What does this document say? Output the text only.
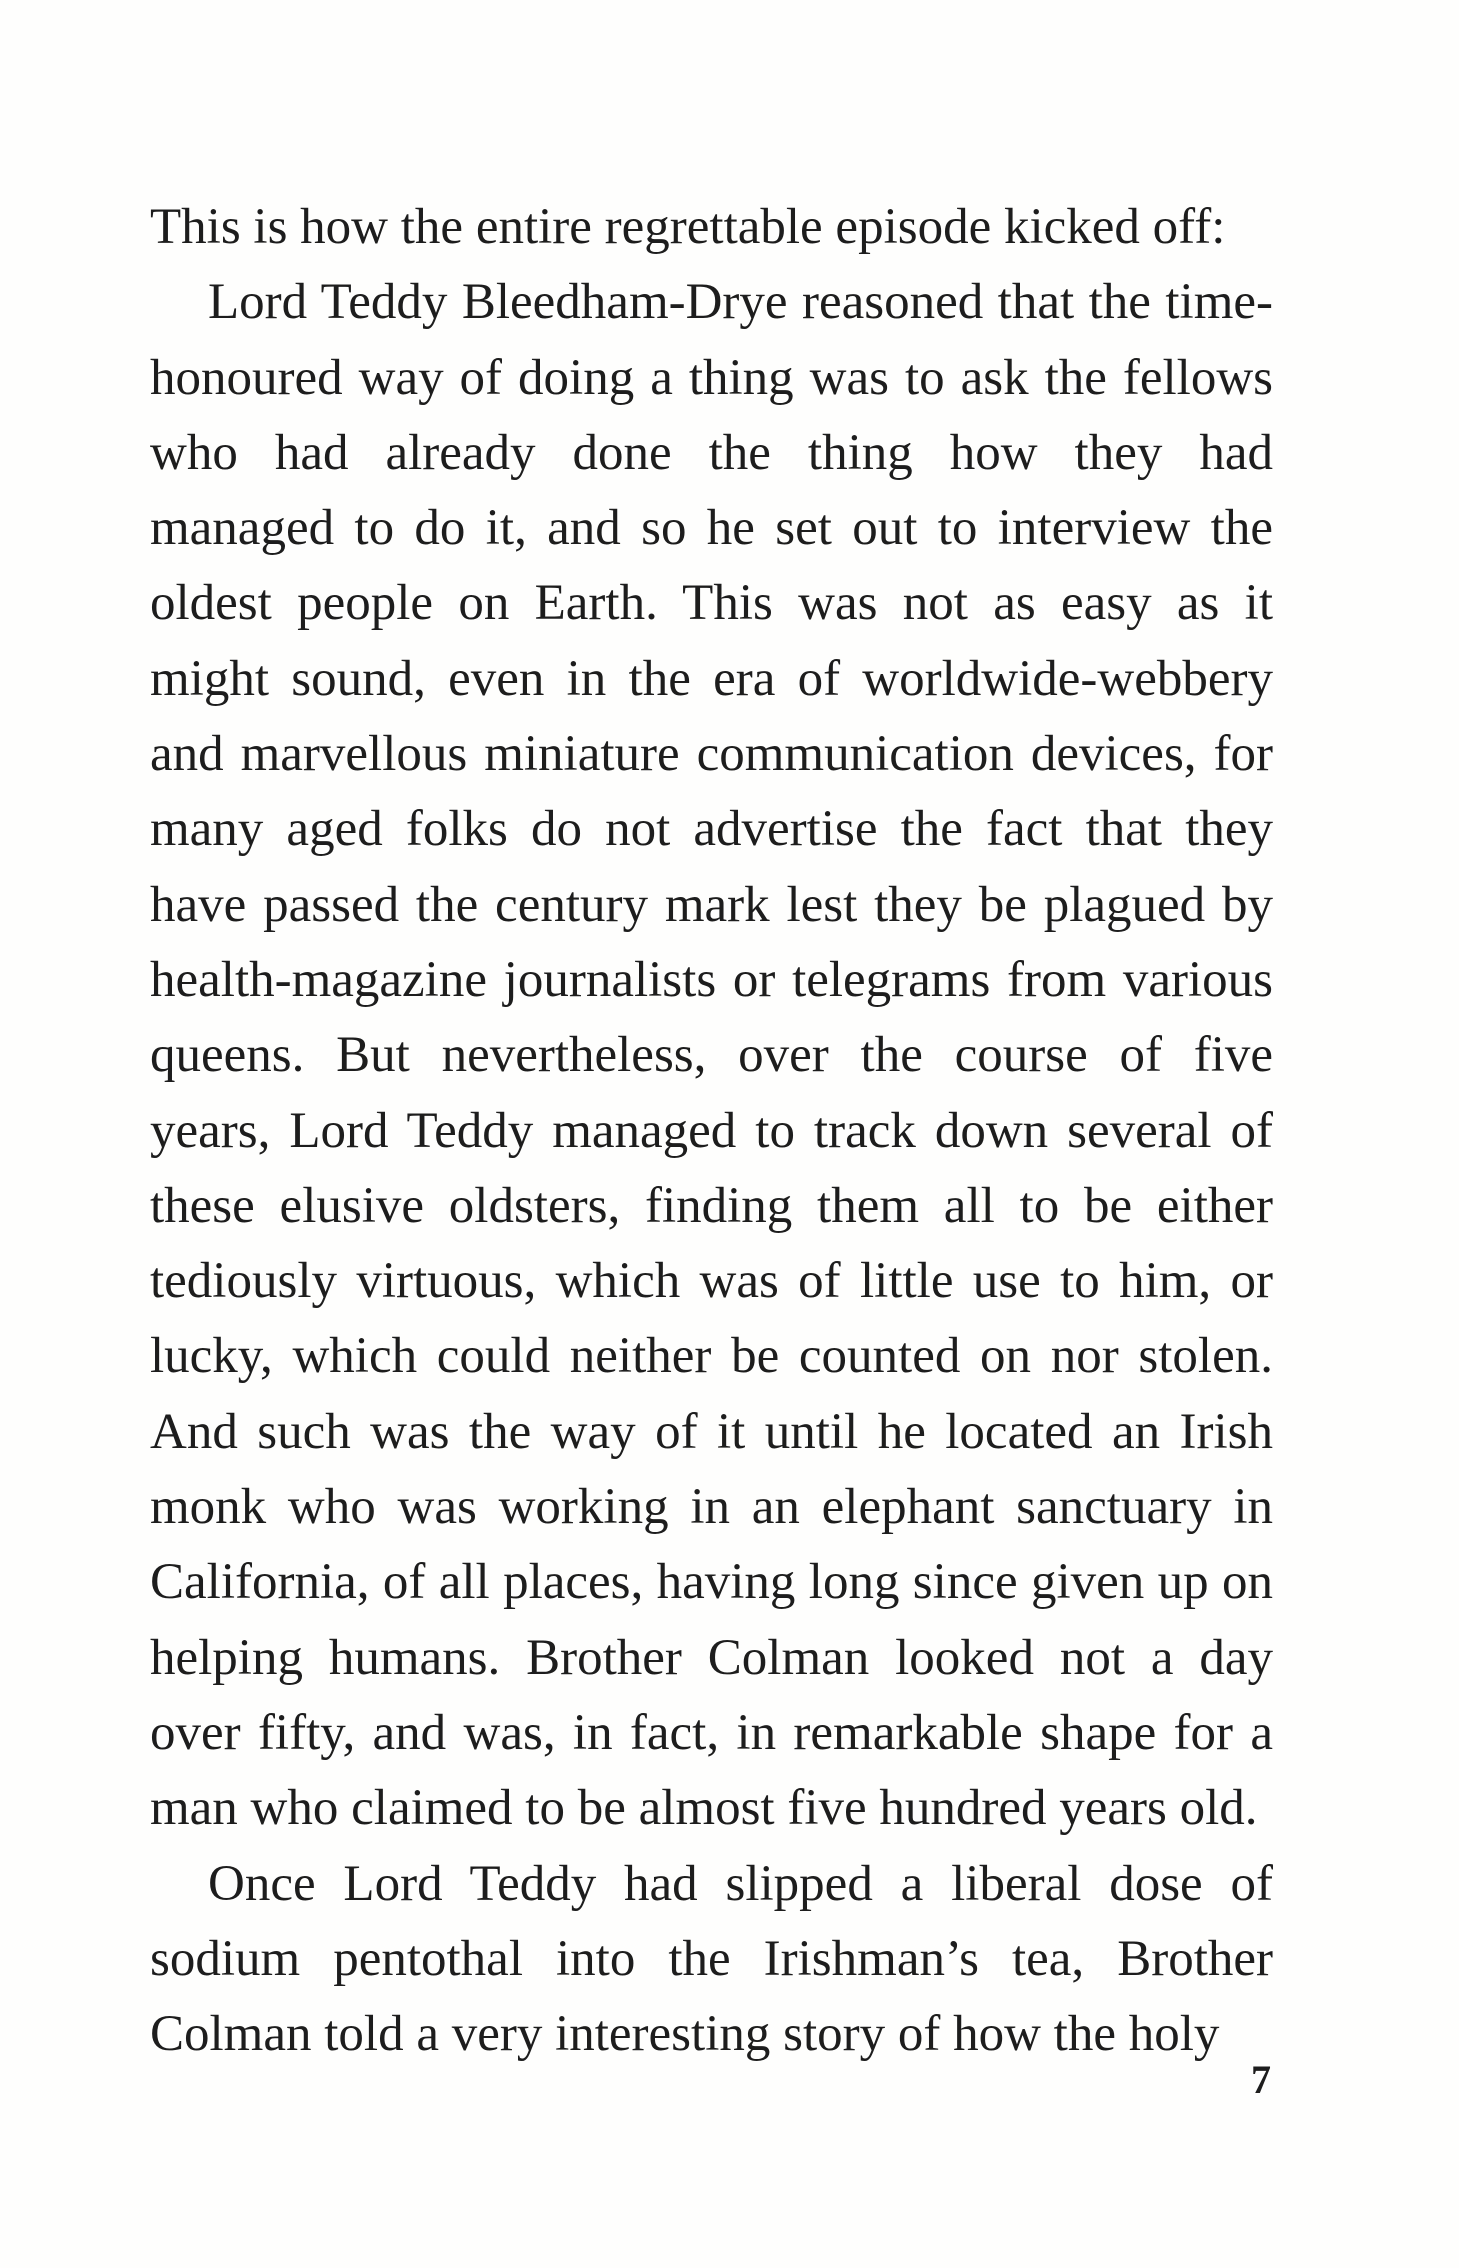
This is how the entire regrettable episode kicked off:

Lord Teddy Bleedham-Drye reasoned that the time-honoured way of doing a thing was to ask the fellows who had already done the thing how they had managed to do it, and so he set out to interview the oldest people on Earth. This was not as easy as it might sound, even in the era of worldwide-webbery and marvellous miniature communication devices, for many aged folks do not advertise the fact that they have passed the century mark lest they be plagued by health-magazine journalists or telegrams from various queens. But nevertheless, over the course of five years, Lord Teddy managed to track down several of these elusive oldsters, finding them all to be either tediously virtuous, which was of little use to him, or lucky, which could neither be counted on nor stolen. And such was the way of it until he located an Irish monk who was working in an elephant sanctuary in California, of all places, having long since given up on helping humans. Brother Colman looked not a day over fifty, and was, in fact, in remarkable shape for a man who claimed to be almost five hundred years old.

Once Lord Teddy had slipped a liberal dose of sodium pentothal into the Irishman’s tea, Brother Colman told a very interesting story of how the holy

7
